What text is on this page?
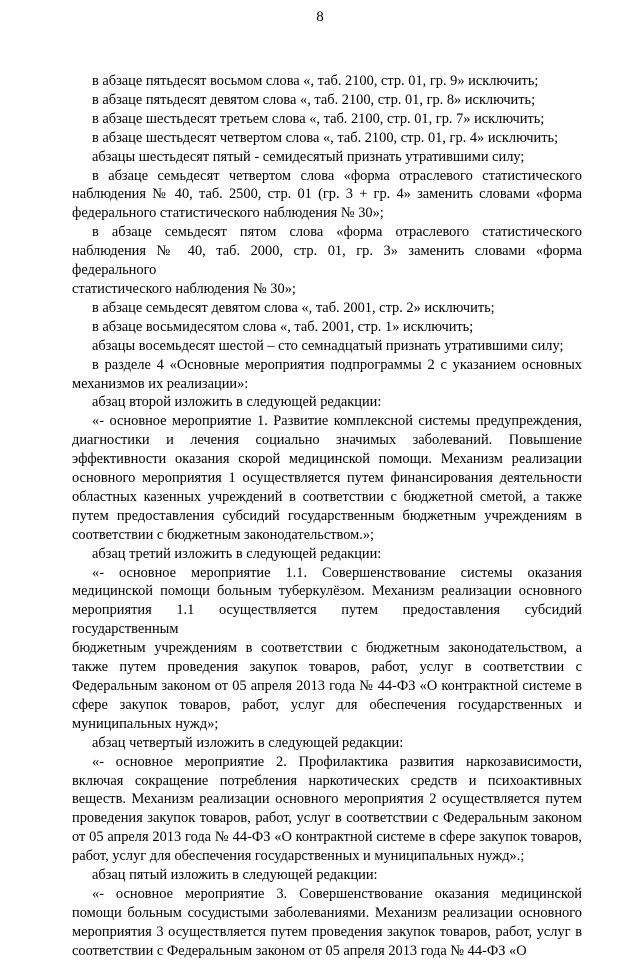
8
в абзаце пятьдесят восьмом слова «, таб. 2100, стр. 01, гр. 9» исключить;
в абзаце пятьдесят девятом слова «, таб. 2100, стр. 01, гр. 8» исключить;
в абзаце шестьдесят третьем слова «, таб. 2100, стр. 01, гр. 7» исключить;
в абзаце шестьдесят четвертом слова «, таб. 2100, стр. 01, гр. 4» исключить;
абзацы шестьдесят пятый - семидесятый признать утратившими силу;
в абзаце семьдесят четвертом слова «форма отраслевого статистического
наблюдения № 40, таб. 2500, стр. 01 (гр. 3 + гр. 4» заменить словами «форма
федерального статистического наблюдения № 30»;
в абзаце семьдесят пятом слова «форма отраслевого статистического
наблюдения № 40, таб. 2000, стр. 01, гр. 3» заменить словами «форма федерального
статистического наблюдения № 30»;
в абзаце семьдесят девятом слова «, таб. 2001, стр. 2» исключить;
в абзаце восьмидесятом слова «, таб. 2001, стр. 1» исключить;
абзацы восемьдесят шестой – сто семнадцатый признать утратившими силу;
в разделе 4 «Основные мероприятия подпрограммы 2 с указанием основных
механизмов их реализации»:
абзац второй изложить в следующей редакции:
«- основное мероприятие 1. Развитие комплексной системы предупреждения,
диагностики и лечения социально значимых заболеваний. Повышение
эффективности оказания скорой медицинской помощи. Механизм реализации
основного мероприятия 1 осуществляется путем финансирования деятельности
областных казенных учреждений в соответствии с бюджетной сметой, а также
путем предоставления субсидий государственным бюджетным учреждениям в
соответствии с бюджетным законодательством.»;
абзац третий изложить в следующей редакции:
«- основное мероприятие 1.1. Совершенствование системы оказания
медицинской помощи больным туберкулёзом. Механизм реализации основного
мероприятия 1.1 осуществляется путем предоставления субсидий государственным
бюджетным учреждениям в соответствии с бюджетным законодательством, а
также путем проведения закупок товаров, работ, услуг в соответствии с
Федеральным законом от 05 апреля 2013 года № 44-ФЗ «О контрактной системе в
сфере закупок товаров, работ, услуг для обеспечения государственных и
муниципальных нужд»;
абзац четвертый изложить в следующей редакции:
«- основное мероприятие 2. Профилактика развития наркозависимости,
включая сокращение потребления наркотических средств и психоактивных
веществ. Механизм реализации основного мероприятия 2 осуществляется путем
проведения закупок товаров, работ, услуг в соответствии с Федеральным законом
от 05 апреля 2013 года № 44-ФЗ «О контрактной системе в сфере закупок товаров,
работ, услуг для обеспечения государственных и муниципальных нужд».;
абзац пятый изложить в следующей редакции:
«- основное мероприятие 3. Совершенствование оказания медицинской
помощи больным сосудистыми заболеваниями. Механизм реализации основного
мероприятия 3 осуществляется путем проведения закупок товаров, работ, услуг в
соответствии с Федеральным законом от 05 апреля 2013 года № 44-ФЗ «О
